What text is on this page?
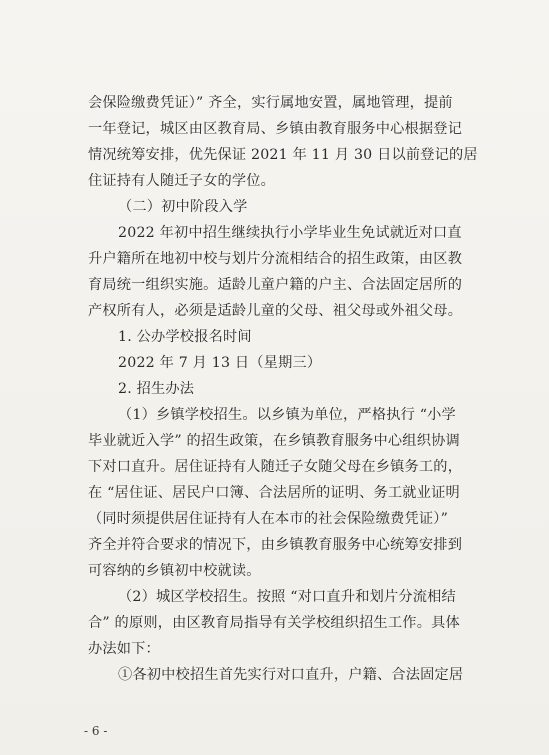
会保险缴费凭证）” 齐全，实行属地安置，属地管理，提前
一年登记，城区由区教育局、乡镇由教育服务中心根据登记
情况统筹安排，优先保证 2021 年 11 月 30 日以前登记的居
住证持有人随迁子女的学位。
（二）初中阶段入学
2022 年初中招生继续执行小学毕业生免试就近对口直
升户籍所在地初中校与划片分流相结合的招生政策，由区教
育局统一组织实施。适龄儿童户籍的户主、合法固定居所的
产权所有人，必须是适龄儿童的父母、祖父母或外祖父母。
1. 公办学校报名时间
2022 年 7 月 13 日（星期三）
2. 招生办法
（1）乡镇学校招生。以乡镇为单位，严格执行 “小学
毕业就近入学” 的招生政策，在乡镇教育服务中心组织协调
下对口直升。居住证持有人随迁子女随父母在乡镇务工的，
在 “居住证、居民户口簿、合法居所的证明、务工就业证明
（同时须提供居住证持有人在本市的社会保险缴费凭证）”
齐全并符合要求的情况下，由乡镇教育服务中心统筹安排到
可容纳的乡镇初中校就读。
（2）城区学校招生。按照 “对口直升和划片分流相结
合” 的原则，由区教育局指导有关学校组织招生工作。具体
办法如下：
①各初中校招生首先实行对口直升，户籍、合法固定居
- 6 -
